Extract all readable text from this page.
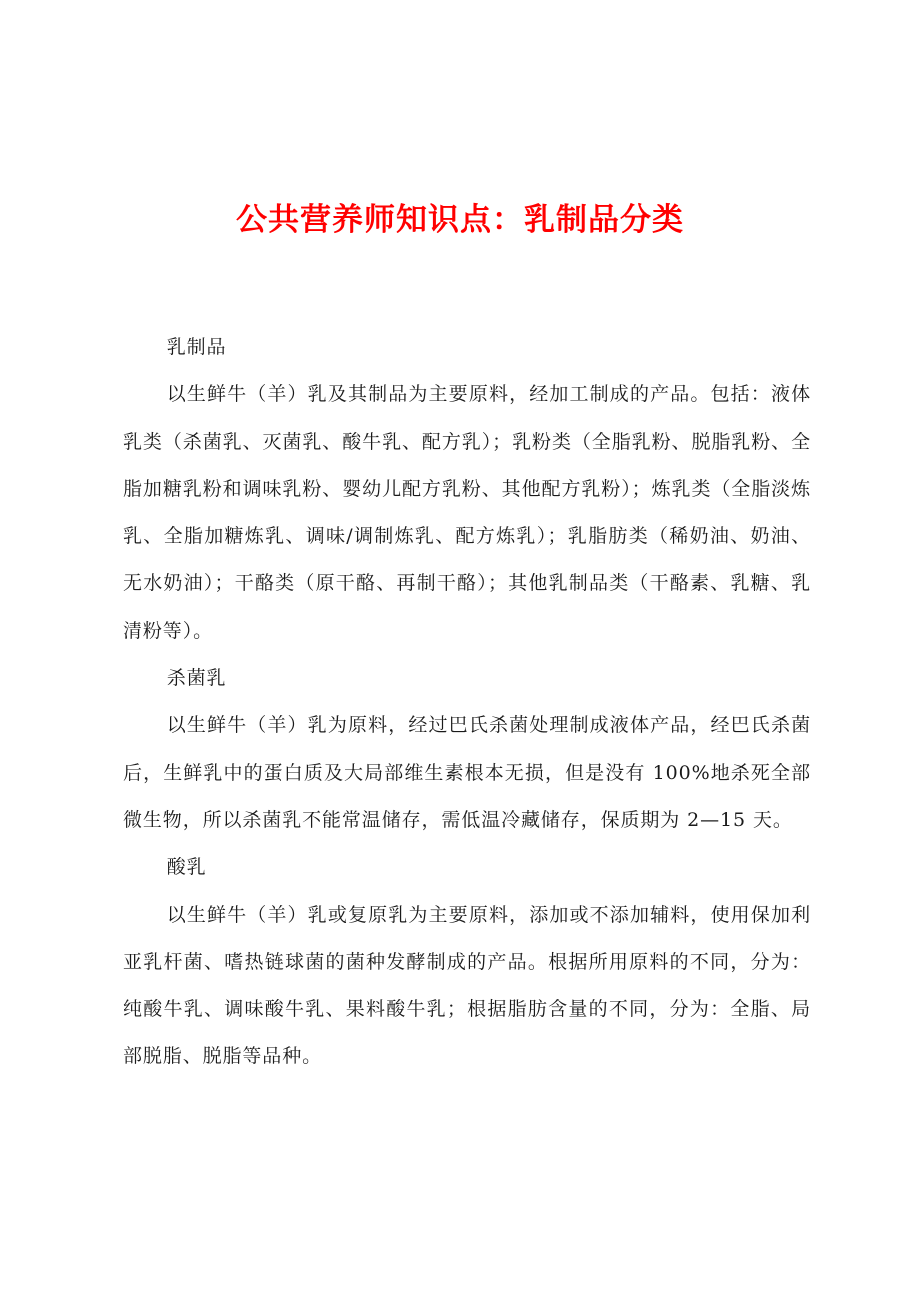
公共营养师知识点：乳制品分类

乳制品

以生鲜牛（羊）乳及其制品为主要原料，经加工制成的产品。包括：液体乳类（杀菌乳、灭菌乳、酸牛乳、配方乳）；乳粉类（全脂乳粉、脱脂乳粉、全脂加糖乳粉和调味乳粉、婴幼儿配方乳粉、其他配方乳粉）；炼乳类（全脂淡炼乳、全脂加糖炼乳、调味/调制炼乳、配方炼乳）；乳脂肪类（稀奶油、奶油、无水奶油）；干酪类（原干酪、再制干酪）；其他乳制品类（干酪素、乳糖、乳清粉等）。

杀菌乳

以生鲜牛（羊）乳为原料，经过巴氏杀菌处理制成液体产品，经巴氏杀菌后，生鲜乳中的蛋白质及大局部维生素根本无损，但是没有 100%地杀死全部微生物，所以杀菌乳不能常温储存，需低温冷藏储存，保质期为 2—15 天。

酸乳

以生鲜牛（羊）乳或复原乳为主要原料，添加或不添加辅料，使用保加利亚乳杆菌、嗜热链球菌的菌种发酵制成的产品。根据所用原料的不同，分为：纯酸牛乳、调味酸牛乳、果料酸牛乳；根据脂肪含量的不同，分为：全脂、局部脱脂、脱脂等品种。
